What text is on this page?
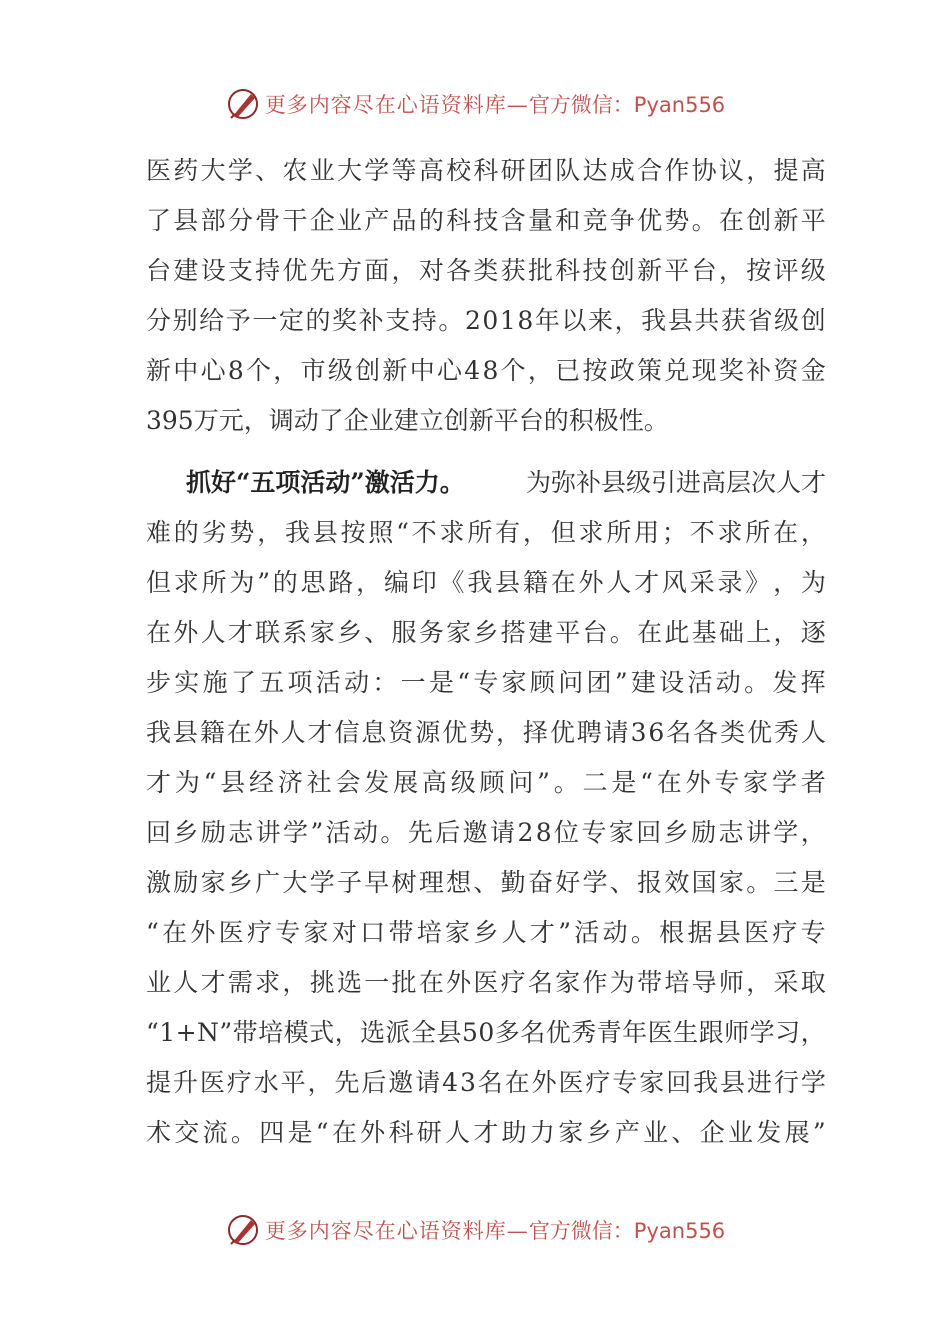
更多内容尽在心语资料库— 官方微信：Pyan556
医 药 大 学 、 农 业 大 学 等 高 校 科 研 团 队 达 成 合 作 协 议 ， 提 高
了 县 部 分 骨 干 企 业 产 品 的 科 技 含 量 和 竞 争 优 势 。 在 创 新 平
台 建 设 支 持 优 先 方 面 ， 对 各 类 获 批 科 技 创 新 平 台 ， 按 评 级
分 别 给 予 一 定 的 奖 补 支 持 。 2 0 1 8 年 以 来 ， 我 县 共 获 省 级 创
新 中 心 8 个 ， 市 级 创 新 中 心 4 8 个 ， 已 按 政 策 兑 现 奖 补 资 金
395万元，调动了企业建立创新平台的积极性。
抓好“五项活动”激活力。 为弥补县级引进高层次人才
难 的 劣 势 ， 我 县 按 照 “ 不 求 所 有 ， 但 求 所 用 ； 不 求 所 在 ，
但 求 所 为 ” 的 思 路 ， 编 印 《 我 县 籍 在 外 人 才 风 采 录 》 ， 为
在 外 人 才 联 系 家 乡 、 服 务 家 乡 搭 建 平 台 。 在 此 基 础 上 ， 逐
步 实 施 了 五 项 活 动 ： 一 是 “ 专 家 顾 问 团 ” 建 设 活 动 。 发 挥
我 县 籍 在 外 人 才 信 息 资 源 优 势 ， 择 优 聘 请 3 6 名 各 类 优 秀 人
才 为 “ 县 经 济 社 会 发 展 高 级 顾 问 ” 。 二 是 “ 在 外 专 家 学 者
回 乡 励 志 讲 学 ” 活 动 。 先 后 邀 请 2 8 位 专 家 回 乡 励 志 讲 学 ，
激 励 家 乡 广 大 学 子 早 树 理 想 、 勤 奋 好 学 、 报 效 国 家 。 三 是
“ 在 外 医 疗 专 家 对 口 带 培 家 乡 人 才 ” 活 动 。 根 据 县 医 疗 专
业 人 才 需 求 ， 挑 选 一 批 在 外 医 疗 名 家 作 为 带 培 导 师 ， 采 取
“ 1 + N ” 带 培 模 式 ， 选 派 全 县 5 0 多 名 优 秀 青 年 医 生 跟 师 学 习 ，
提 升 医 疗 水 平 ， 先 后 邀 请 4 3 名 在 外 医 疗 专 家 回 我 县 进 行 学
术 交 流 。 四 是 “ 在 外 科 研 人 才 助 力 家 乡 产 业 、 企 业 发 展 ”
更多内容尽在心语资料库— 官方微信：Pyan556
